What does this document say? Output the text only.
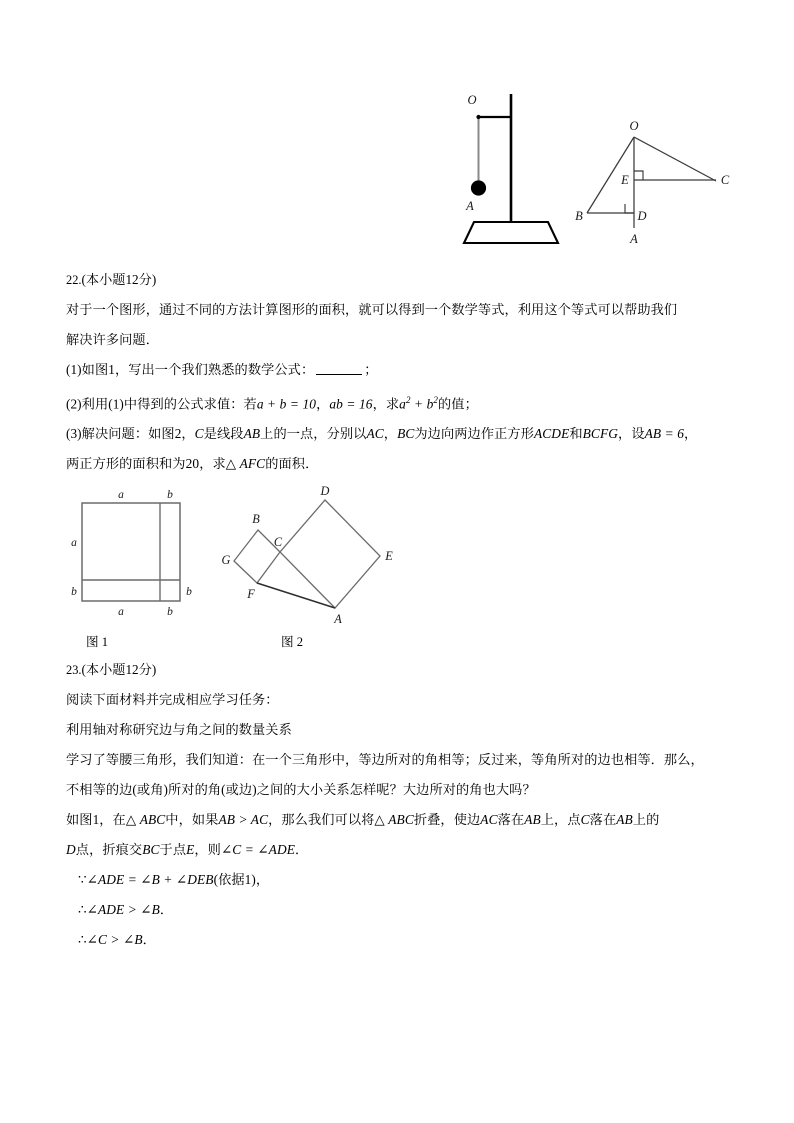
O
A
O
B
C
E
D
A
22.(本小题12分)
对于一个图形，通过不同的方法计算图形的面积，就可以得到一个数学等式，利用这个等式可以帮助我们
解决许多问题．
(1)如图1，写出一个我们熟悉的数学公式：	；
(2)利用(1)中得到的公式求值：若a + b = 10，ab = 16，求$a^2 + b^2$的值；
(3)解决问题：如图2，C是线段AB上的一点，分别以AC，BC为边向两边作正方形ACDE和BCFG，设AB = 6，
两正方形的面积和为20，求△ AFC的面积．
a	b
a
b	b
a	b
D
B
C
G	E
F
A
图 1	图 2
23.(本小题12分)
阅读下面材料并完成相应学习任务：
利用轴对称研究边与角之间的数量关系
学习了等腰三角形，我们知道：在一个三角形中，等边所对的角相等；反过来，等角所对的边也相等．那么，
不相等的边(或角)所对的角(或边)之间的大小关系怎样呢？大边所对的角也大吗？
如图1，在△ ABC中，如果AB > AC，那么我们可以将△ ABC折叠，使边AC落在AB上，点C落在AB上的
D点，折痕交BC于点E，则∠C = ∠ADE．
∵∠ADE = ∠B + ∠DEB(依据1)，
∴∠ADE > ∠B．
∴∠C > ∠B．
